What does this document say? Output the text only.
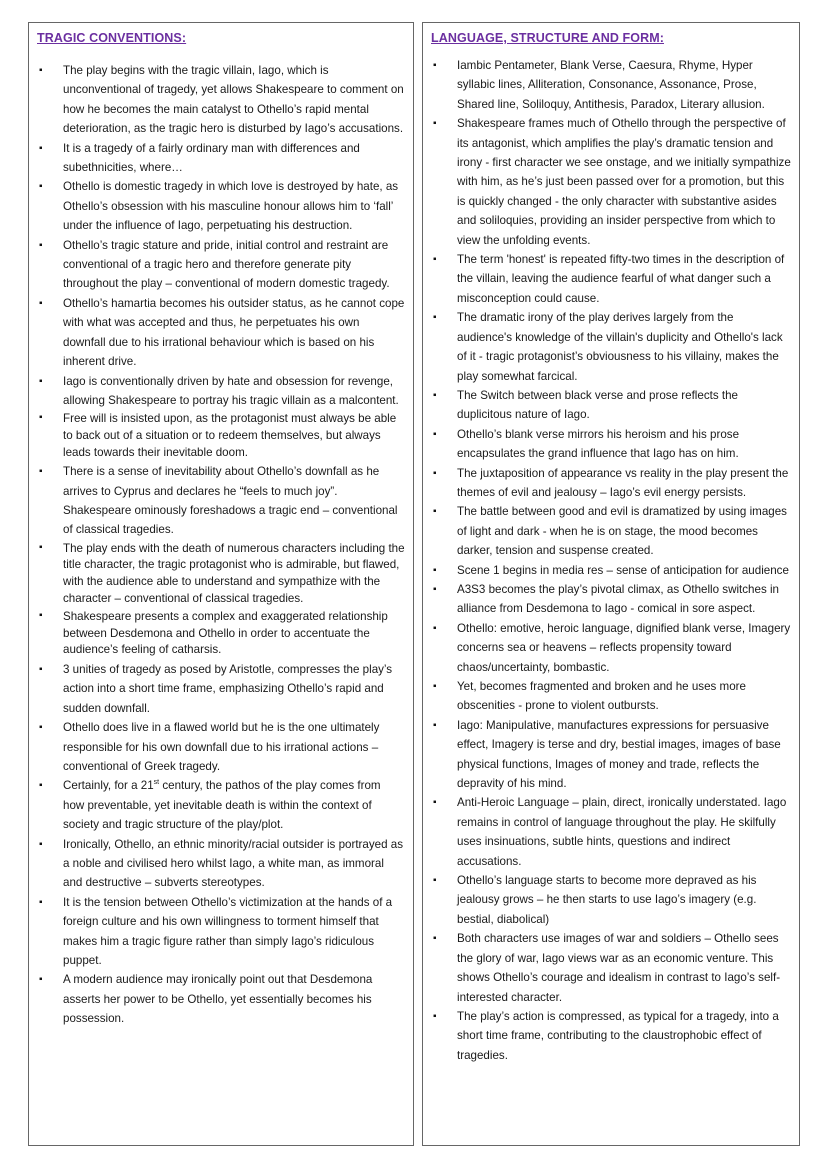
TRAGIC CONVENTIONS:
▪ The play begins with the tragic villain, Iago, which is unconventional of tragedy, yet allows Shakespeare to comment on how he becomes the main catalyst to Othello’s rapid mental deterioration, as the tragic hero is disturbed by Iago’s accusations.
▪ It is a tragedy of a fairly ordinary man with differences and subethnicities, where…
▪ Othello is domestic tragedy in which love is destroyed by hate, as Othello’s obsession with his masculine honour allows him to ‘fall’ under the influence of Iago, perpetuating his destruction.
▪ Othello’s tragic stature and pride, initial control and restraint are conventional of a tragic hero and therefore generate pity throughout the play – conventional of modern domestic tragedy.
▪ Othello’s hamartia becomes his outsider status, as he cannot cope with what was accepted and thus, he perpetuates his own downfall due to his irrational behaviour which is based on his inherent drive.
▪ Iago is conventionally driven by hate and obsession for revenge, allowing Shakespeare to portray his tragic villain as a malcontent.
▪ Free will is insisted upon, as the protagonist must always be able to back out of a situation or to redeem themselves, but always leads towards their inevitable doom.
▪ There is a sense of inevitability about Othello’s downfall as he arrives to Cyprus and declares he “feels to much joy”. Shakespeare ominously foreshadows a tragic end – conventional of classical tragedies.
▪ The play ends with the death of numerous characters including the title character, the tragic protagonist who is admirable, but flawed, with the audience able to understand and sympathize with the character – conventional of classical tragedies.
▪ Shakespeare presents a complex and exaggerated relationship between Desdemona and Othello in order to accentuate the audience’s feeling of catharsis.
▪ 3 unities of tragedy as posed by Aristotle, compresses the play’s action into a short time frame, emphasizing Othello’s rapid and sudden downfall.
▪ Othello does live in a flawed world but he is the one ultimately responsible for his own downfall due to his irrational actions – conventional of Greek tragedy.
▪ Certainly, for a 21st century, the pathos of the play comes from how preventable, yet inevitable death is within the context of society and tragic structure of the play/plot.
▪ Ironically, Othello, an ethnic minority/racial outsider is portrayed as a noble and civilised hero whilst Iago, a white man, as immoral and destructive – subverts stereotypes.
▪ It is the tension between Othello’s victimization at the hands of a foreign culture and his own willingness to torment himself that makes him a tragic figure rather than simply Iago’s ridiculous puppet.
▪ A modern audience may ironically point out that Desdemona asserts her power to be Othello, yet essentially becomes his possession.
LANGUAGE, STRUCTURE AND FORM:
▪ Iambic Pentameter, Blank Verse, Caesura, Rhyme, Hyper syllabic lines, Alliteration, Consonance, Assonance, Prose, Shared line, Soliloquy, Antithesis, Paradox, Literary allusion.
▪ Shakespeare frames much of Othello through the perspective of its antagonist, which amplifies the play’s dramatic tension and irony - first character we see onstage, and we initially sympathize with him, as he’s just been passed over for a promotion, but this is quickly changed - the only character with substantive asides and soliloquies, providing an insider perspective from which to view the unfolding events.
▪ The term 'honest' is repeated fifty-two times in the description of the villain, leaving the audience fearful of what danger such a misconception could cause.
▪ The dramatic irony of the play derives largely from the audience's knowledge of the villain's duplicity and Othello's lack of it - tragic protagonist’s obviousness to his villainy, makes the play somewhat farcical.
▪ The Switch between black verse and prose reflects the duplicitous nature of Iago.
▪ Othello’s blank verse mirrors his heroism and his prose encapsulates the grand influence that Iago has on him.
▪ The juxtaposition of appearance vs reality in the play present the themes of evil and jealousy – Iago’s evil energy persists.
▪ The battle between good and evil is dramatized by using images of light and dark - when he is on stage, the mood becomes darker, tension and suspense created.
▪ Scene 1 begins in media res – sense of anticipation for audience
▪ A3S3 becomes the play’s pivotal climax, as Othello switches in alliance from Desdemona to Iago - comical in sore aspect.
▪ Othello: emotive, heroic language, dignified blank verse, Imagery concerns sea or heavens – reflects propensity toward chaos/uncertainty, bombastic.
▪ Yet, becomes fragmented and broken and he uses more obscenities - prone to violent outbursts.
▪ Iago: Manipulative, manufactures expressions for persuasive effect, Imagery is terse and dry, bestial images, images of base physical functions, Images of money and trade, reflects the depravity of his mind.
▪ Anti-Heroic Language – plain, direct, ironically understated. Iago remains in control of language throughout the play. He skilfully uses insinuations, subtle hints, questions and indirect accusations.
▪ Othello’s language starts to become more depraved as his jealousy grows – he then starts to use Iago’s imagery (e.g. bestial, diabolical)
▪ Both characters use images of war and soldiers – Othello sees the glory of war, Iago views war as an economic venture. This shows Othello’s courage and idealism in contrast to Iago’s self-interested character.
▪ The play’s action is compressed, as typical for a tragedy, into a short time frame, contributing to the claustrophobic effect of tragedies.
